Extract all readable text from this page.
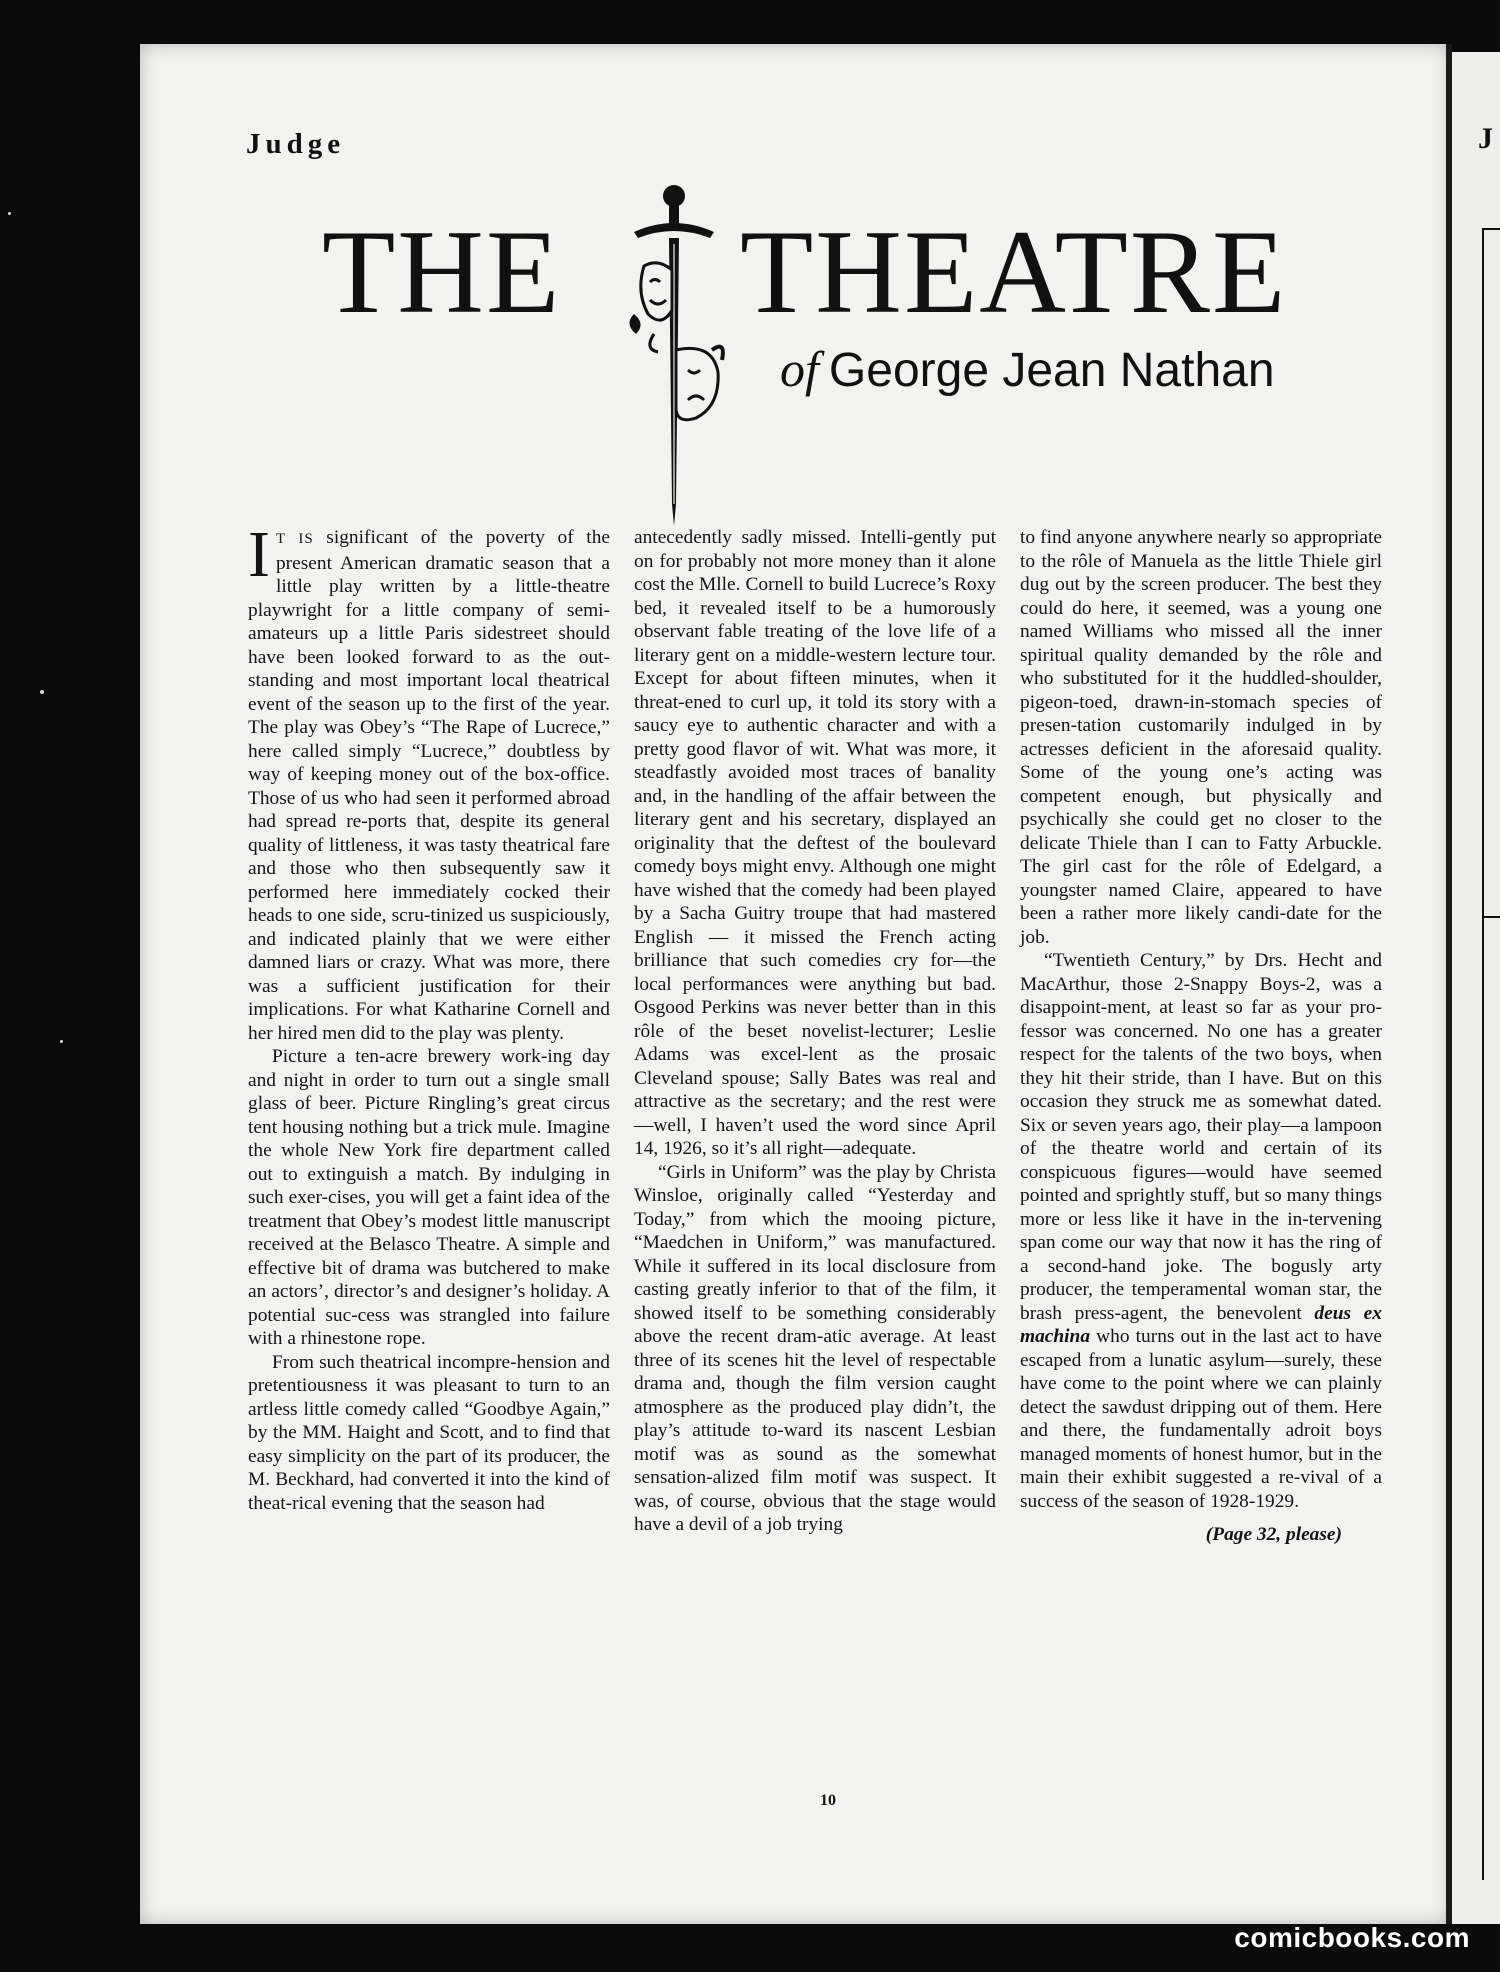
Judge
THE THEATRE
of George Jean Nathan

I T IS significant of the poverty of the present American dramatic season that a little play written by a little-theatre playwright for a little company of semi-amateurs up a little Paris sidestreet should have been looked forward to as the out-standing and most important local theatrical event of the season up to the first of the year. The play was Obey’s “The Rape of Lucrece,” here called simply “Lucrece,” doubtless by way of keeping money out of the box-office. Those of us who had seen it performed abroad had spread re-ports that, despite its general quality of littleness, it was tasty theatrical fare and those who then subsequently saw it performed here immediately cocked their heads to one side, scru-tinized us suspiciously, and indicated plainly that we were either damned liars or crazy. What was more, there was a sufficient justification for their implications. For what Katharine Cornell and her hired men did to the play was plenty.

Picture a ten-acre brewery work-ing day and night in order to turn out a single small glass of beer. Picture Ringling’s great circus tent housing nothing but a trick mule. Imagine the whole New York fire department called out to extinguish a match. By indulging in such exer-cises, you will get a faint idea of the treatment that Obey’s modest little manuscript received at the Belasco Theatre. A simple and effective bit of drama was butchered to make an actors’, director’s and designer’s holiday. A potential suc-cess was strangled into failure with a rhinestone rope.

From such theatrical incompre-hension and pretentiousness it was pleasant to turn to an artless little comedy called “Goodbye Again,” by the MM. Haight and Scott, and to find that easy simplicity on the part of its producer, the M. Beckhard, had converted it into the kind of theat-rical evening that the season had

antecedently sadly missed. Intelli-gently put on for probably not more money than it alone cost the Mlle. Cornell to build Lucrece’s Roxy bed, it revealed itself to be a humorously observant fable treating of the love life of a literary gent on a middle-western lecture tour. Except for about fifteen minutes, when it threat-ened to curl up, it told its story with a saucy eye to authentic character and with a pretty good flavor of wit. What was more, it steadfastly avoided most traces of banality and, in the handling of the affair between the literary gent and his secretary, displayed an originality that the deftest of the boulevard comedy boys might envy. Although one might have wished that the comedy had been played by a Sacha Guitry troupe that had mastered English — it missed the French acting brilliance that such comedies cry for—the local performances were anything but bad. Osgood Perkins was never better than in this rôle of the beset novelist-lecturer; Leslie Adams was excel-lent as the prosaic Cleveland spouse; Sally Bates was real and attractive as the secretary; and the rest were —well, I haven’t used the word since April 14, 1926, so it’s all right—adequate.

“Girls in Uniform” was the play by Christa Winsloe, originally called “Yesterday and Today,” from which the mooing picture, “Maedchen in Uniform,” was manufactured. While it suffered in its local disclosure from casting greatly inferior to that of the film, it showed itself to be something considerably above the recent dram-atic average. At least three of its scenes hit the level of respectable drama and, though the film version caught atmosphere as the produced play didn’t, the play’s attitude to-ward its nascent Lesbian motif was as sound as the somewhat sensation-alized film motif was suspect. It was, of course, obvious that the stage would have a devil of a job trying

to find anyone anywhere nearly so appropriate to the rôle of Manuela as the little Thiele girl dug out by the screen producer. The best they could do here, it seemed, was a young one named Williams who missed all the inner spiritual quality demanded by the rôle and who substituted for it the huddled-shoulder, pigeon-toed, drawn-in-stomach species of presen-tation customarily indulged in by actresses deficient in the aforesaid quality. Some of the young one’s acting was competent enough, but physically and psychically she could get no closer to the delicate Thiele than I can to Fatty Arbuckle. The girl cast for the rôle of Edelgard, a youngster named Claire, appeared to have been a rather more likely candi-date for the job.

“Twentieth Century,” by Drs. Hecht and MacArthur, those 2-Snappy Boys-2, was a disappoint-ment, at least so far as your pro-fessor was concerned. No one has a greater respect for the talents of the two boys, when they hit their stride, than I have. But on this occasion they struck me as somewhat dated. Six or seven years ago, their play—a lampoon of the theatre world and certain of its conspicuous figures—would have seemed pointed and sprightly stuff, but so many things more or less like it have in the in-tervening span come our way that now it has the ring of a second-hand joke. The bogusly arty producer, the temperamental woman star, the brash press-agent, the benevolent deus ex machina who turns out in the last act to have escaped from a lunatic asylum—surely, these have come to the point where we can plainly detect the sawdust dripping out of them. Here and there, the fundamentally adroit boys managed moments of honest humor, but in the main their exhibit suggested a re-vival of a success of the season of 1928-1929.

(Page 32, please)
10
J
comicbooks.com
